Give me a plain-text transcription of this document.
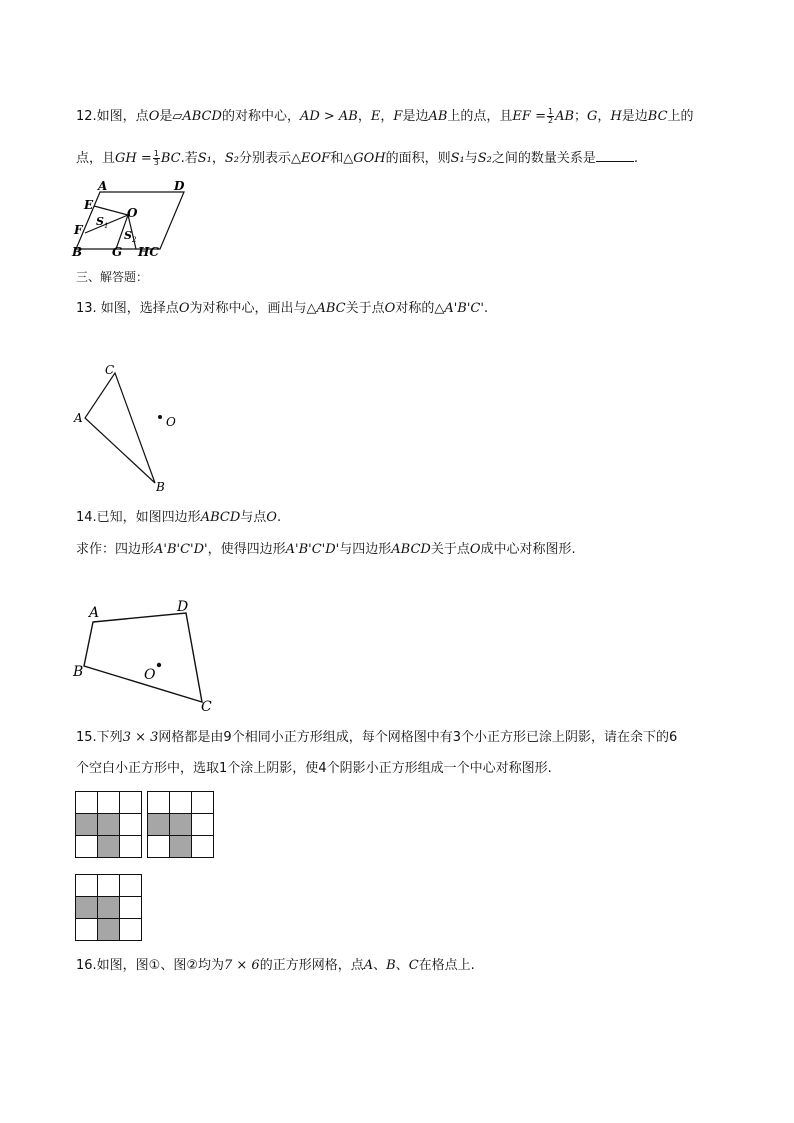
12.如图，点O是▱ABCD的对称中心，AD > AB，E，F是边AB上的点，且EF = $\frac{1}{2}$ AB；G，H是边BC上的
点，且GH = $\frac{1}{3}$ BC.若S₁，S₂分别表示△EOF和△GOH的面积，则S₁与S₂之间的数量关系是	.
A	D
E
O
S 1
F	S 2
B G HC
三、解答题：
13. 如图，选择点O为对称中心，画出与△ABC关于点O对称的△A'B'C'.
C
A	O
B
14.已知，如图四边形ABCD与点O.
求作：四边形A'B'C'D'，使得四边形A'B'C'D'与四边形ABCD关于点O成中心对称图形.
A	D
B	O
C
15.下列3 × 3网格都是由9个相同小正方形组成，每个网格图中有3个小正方形已涂上阴影，请在余下的6
个空白小正方形中，选取1个涂上阴影，使4个阴影小正方形组成一个中心对称图形.
16.如图，图①、图②均为7 × 6的正方形网格，点A、B、C在格点上.
